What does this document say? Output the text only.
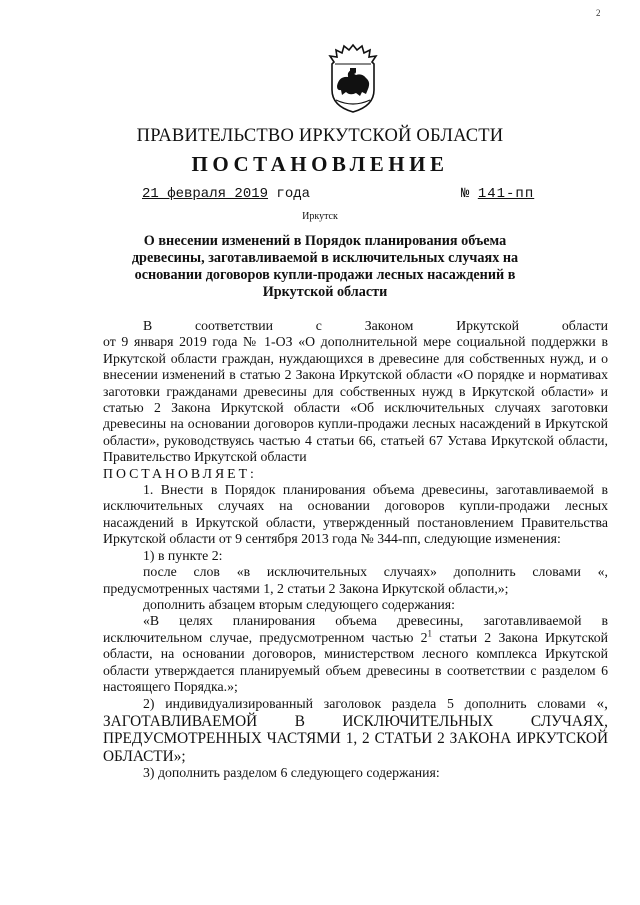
2
ПРАВИТЕЛЬСТВО ИРКУТСКОЙ ОБЛАСТИ
ПОСТАНОВЛЕНИЕ
21 февраля 2019 года	№ 141-пп
Иркутск
О внесении изменений в Порядок планирования объема древесины, заготавливаемой в исключительных случаях на основании договоров купли-продажи лесных насаждений в Иркутской области

В соответствии с Законом Иркутской области

от 9 января 2019 года № 1-ОЗ «О дополнительной мере социальной поддержки в Иркутской области граждан, нуждающихся в древесине для собственных нужд, и о внесении изменений в статью 2 Закона Иркутской области «О порядке и нормативах заготовки гражданами древесины для собственных нужд в Иркутской области» и статью 2 Закона Иркутской области «Об исключительных случаях заготовки древесины на основании договоров купли-продажи лесных насаждений в Иркутской области», руководствуясь частью 4 статьи 66, статьей 67 Устава Иркутской области, Правительство Иркутской области

ПОСТАНОВЛЯЕТ:

1. Внести в Порядок планирования объема древесины, заготавливаемой в исключительных случаях на основании договоров купли-продажи лесных насаждений в Иркутской области, утвержденный постановлением Правительства Иркутской области от 9 сентября 2013 года № 344-пп, следующие изменения:

1) в пункте 2:

после слов «в исключительных случаях» дополнить словами «, предусмотренных частями 1, 2 статьи 2 Закона Иркутской области,»;

дополнить абзацем вторым следующего содержания:

«В целях планирования объема древесины, заготавливаемой в исключительном случае, предусмотренном частью $2^1$ статьи 2 Закона Иркутской области, на основании договоров, министерством лесного комплекса Иркутской области утверждается планируемый объем древесины в соответствии с разделом 6 настоящего Порядка.»;

2) индивидуализированный заголовок раздела 5 дополнить словами «, ЗАГОТАВЛИВАЕМОЙ В ИСКЛЮЧИТЕЛЬНЫХ СЛУЧАЯХ, ПРЕДУСМОТРЕННЫХ ЧАСТЯМИ 1, 2 СТАТЬИ 2 ЗАКОНА ИРКУТСКОЙ ОБЛАСТИ»;

3) дополнить разделом 6 следующего содержания:
